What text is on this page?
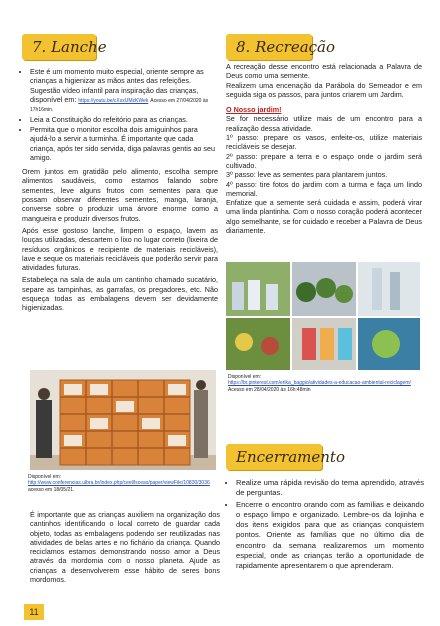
7. Lanche
• Este é um momento muito especial, oriente sempre as crianças a higienizar as mãos antes das refeições. Sugestão vídeo infantil para inspiração das crianças, disponível em: https://youtu.be/cXsxUMzKWek Acesso em 27/04/2020 às 17h16min.
• Leia a Constituição do refeitório para as crianças.
• Permita que o monitor escolha dois amiguinhos para ajudá-lo a servir a turminha. É importante que cada criança, após ter sido servida, diga palavras gentis ao seu amigo.

Orem juntos em gratidão pelo alimento, escolha sempre alimentos saudáveis, como estamos falando sobre sementes, leve alguns frutos com sementes para que possam observar diferentes sementes, manga, laranja, converse sobre o produzir uma árvore enorme como a mangueira e produzir diversos frutos.

Após esse gostoso lanche, limpem o espaço, lavem as louças utilizadas, descartem o lixo no lugar correto (lixeira de resíduos orgânicos e recipiente de materiais recicláveis), lave e seque os materiais recicláveis que poderão servir para atividades futuras.

Estabeleça na sala de aula um cantinho chamado sucatário, separe as tampinhas, as garrafas, os pregadores, etc. Não esqueça todas as embalagens devem ser devidamente higienizadas.

Disponível em:
http://www.conferencias.ulbra.br/index.php/ceel/lsceas/paper/viewFile/10830/3036 acesso em 18/05/21.
É importante que as crianças auxiliem na organização dos cantinhos identificando o local correto de guardar cada objeto, todas as embalagens podendo ser reutilizadas nas atividades de belas artes e no fichário da criança. Quando reciclamos estamos demonstrando nosso amor a Deus através da mordomia com o nosso planeta. Ajude as crianças a desenvolverem esse hábito de seres bons mordomos.
8. Recreação

A recreação desse encontro está relacionada a Palavra de Deus como uma semente.

Realizem uma encenação da Parábola do Semeador e em seguida siga os passos, para juntos criarem um Jardim.

O Nosso jardim!

Se for necessário utilize mais de um encontro para a realização dessa atividade.

1º passo: prepare os vasos, enfeite-os, utilize materiais recicláveis se desejar.
2º passo: prepare a terra e o espaço onde o jardim será cultivado.
3º passo: leve as sementes para plantarem juntos.
4º passo: tire fotos do jardim com a turma e faça um lindo memorial.

Enfatize que a semente será cuidada e assim, poderá virar uma linda plantinha. Com o nosso coração poderá acontecer algo semelhante, se for cuidado e receber a Palavra de Deus diariamente.

Disponível em:
https://br.pinterest.com/erika_baggio/atividades-a-educacao-ambiental-reciclagem/
Acesso em 28/04/2020 às 16h:48min
Encerramento
• Realize uma rápida revisão do tema aprendido, através de perguntas.
• Encerre o encontro orando com as famílias e deixando o espaço limpo e organizado. Lembre-os da lojinha e dos itens exigidos para que as crianças conquistem pontos. Oriente as famílias que no último dia de encontro da semana realizaremos um momento especial, onde as crianças terão a oportunidade de rapidamente apresentarem o que aprenderam.
11
